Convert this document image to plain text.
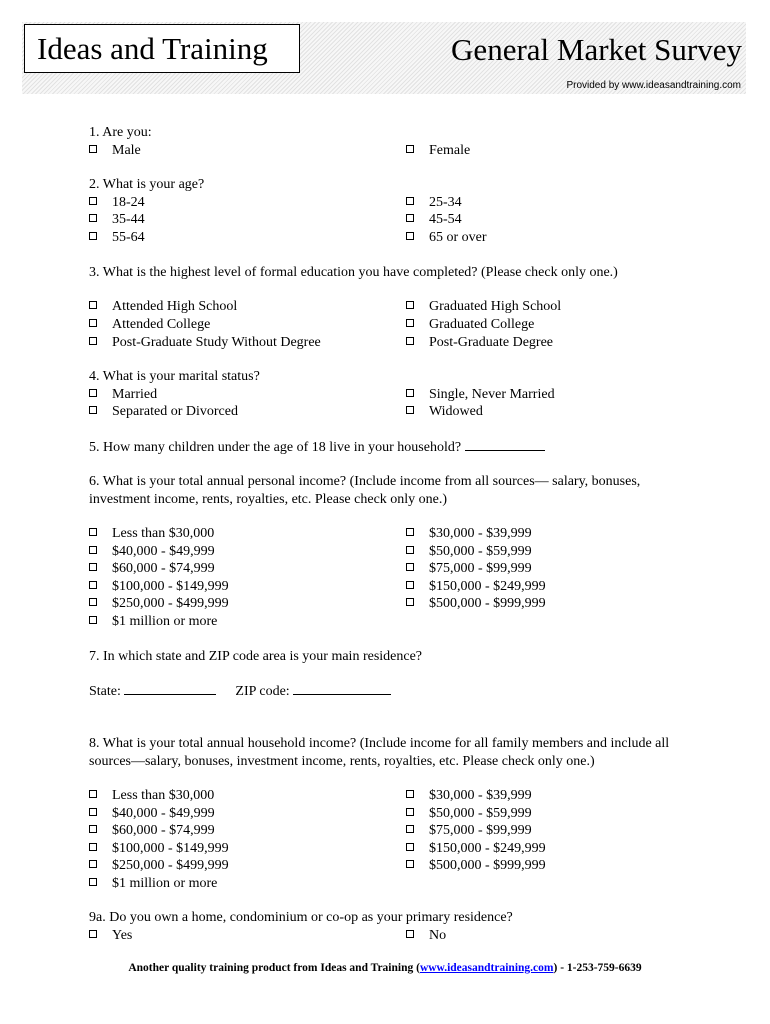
Ideas and Training	General Market Survey
Provided by www.ideasandtraining.com
1. Are you:
Male	Female
2. What is your age?
18-24	25-34
35-44	45-54
55-64	65 or over
3. What is the highest level of formal education you have completed? (Please check only one.)
Attended High School	Graduated High School
Attended College	Graduated College
Post-Graduate Study Without Degree	Post-Graduate Degree
4. What is your marital status?
Married	Single, Never Married
Separated or Divorced	Widowed
5. How many children under the age of 18 live in your household?
6. What is your total annual personal income? (Include income from all sources— salary, bonuses, investment income, rents, royalties, etc. Please check only one.)
Less than $30,000	$30,000 - $39,999
$40,000 - $49,999	$50,000 - $59,999
$60,000 - $74,999	$75,000 - $99,999
$100,000 - $149,999	$150,000 - $249,999
$250,000 - $499,999	$500,000 - $999,999
$1 million or more
7. In which state and ZIP code area is your main residence?
State:	ZIP code:
8. What is your total annual household income? (Include income for all family members and include all sources—salary, bonuses, investment income, rents, royalties, etc. Please check only one.)
Less than $30,000	$30,000 - $39,999
$40,000 - $49,999	$50,000 - $59,999
$60,000 - $74,999	$75,000 - $99,999
$100,000 - $149,999	$150,000 - $249,999
$250,000 - $499,999	$500,000 - $999,999
$1 million or more
9a. Do you own a home, condominium or co-op as your primary residence?
Yes	No
Another quality training product from Ideas and Training (www.ideasandtraining.com) - 1-253-759-6639
